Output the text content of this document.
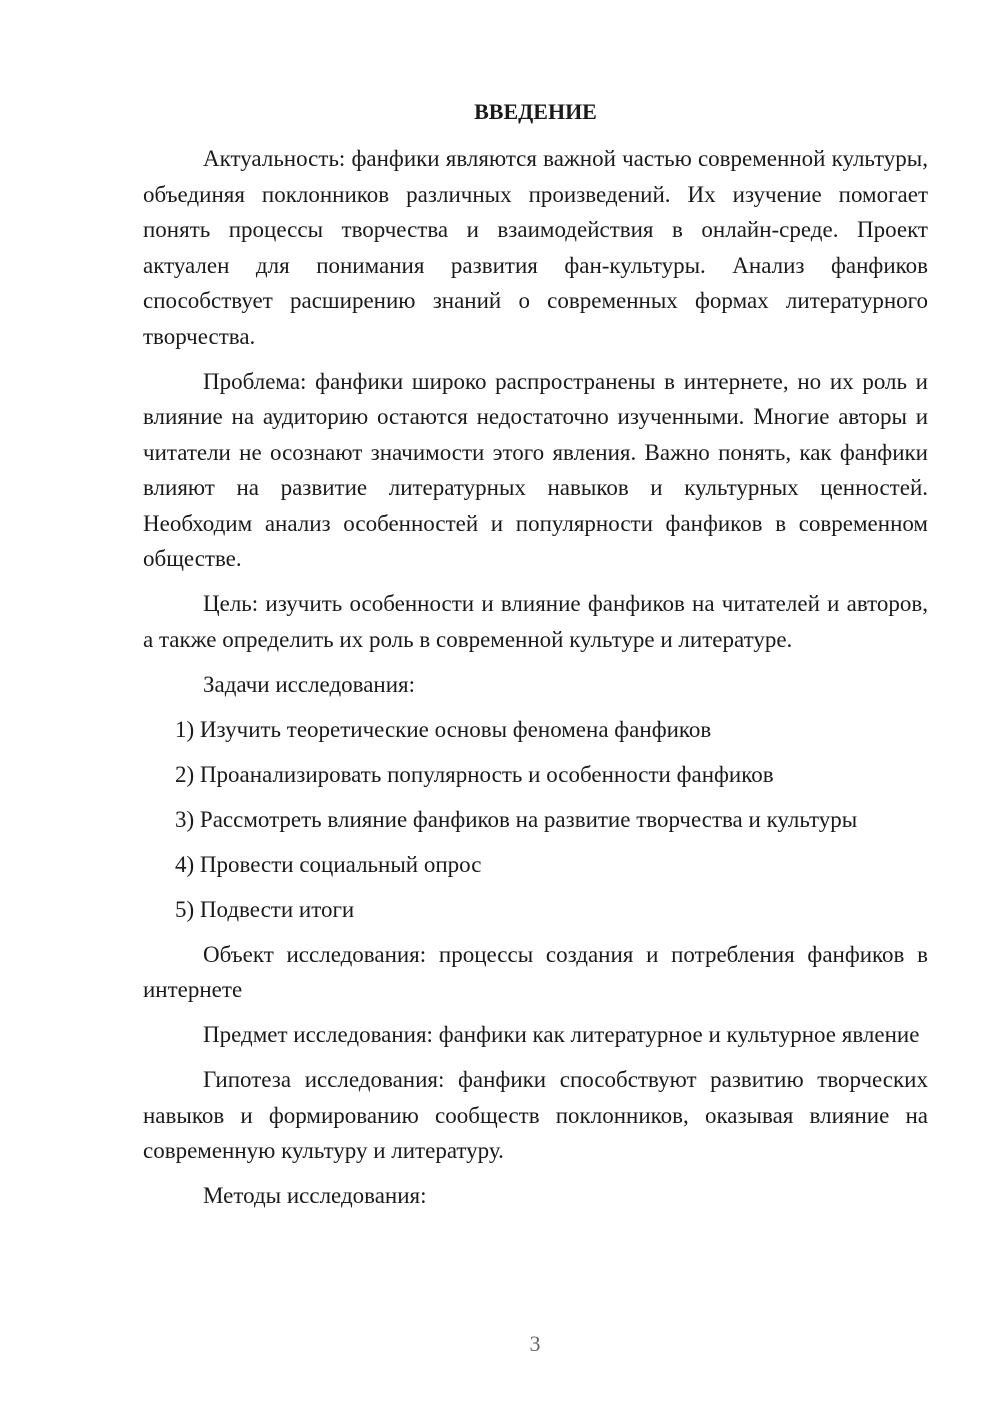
ВВЕДЕНИЕ

Актуальность: фанфики являются важной частью современной культуры, объединяя поклонников различных произведений. Их изучение помогает понять процессы творчества и взаимодействия в онлайн-среде. Проект актуален для понимания развития фан-культуры. Анализ фанфиков способствует расширению знаний о современных формах литературного творчества.

Проблема: фанфики широко распространены в интернете, но их роль и влияние на аудиторию остаются недостаточно изученными. Многие авторы и читатели не осознают значимости этого явления. Важно понять, как фанфики влияют на развитие литературных навыков и культурных ценностей. Необходим анализ особенностей и популярности фанфиков в современном обществе.

Цель: изучить особенности и влияние фанфиков на читателей и авторов, а также определить их роль в современной культуре и литературе.

Задачи исследования:

1) Изучить теоретические основы феномена фанфиков
2) Проанализировать популярность и особенности фанфиков
3) Рассмотреть влияние фанфиков на развитие творчества и культуры
4) Провести социальный опрос
5) Подвести итоги

Объект исследования: процессы создания и потребления фанфиков в интернете

Предмет исследования: фанфики как литературное и культурное явление

Гипотеза исследования: фанфики способствуют развитию творческих навыков и формированию сообществ поклонников, оказывая влияние на современную культуру и литературу.

Методы исследования:

3
